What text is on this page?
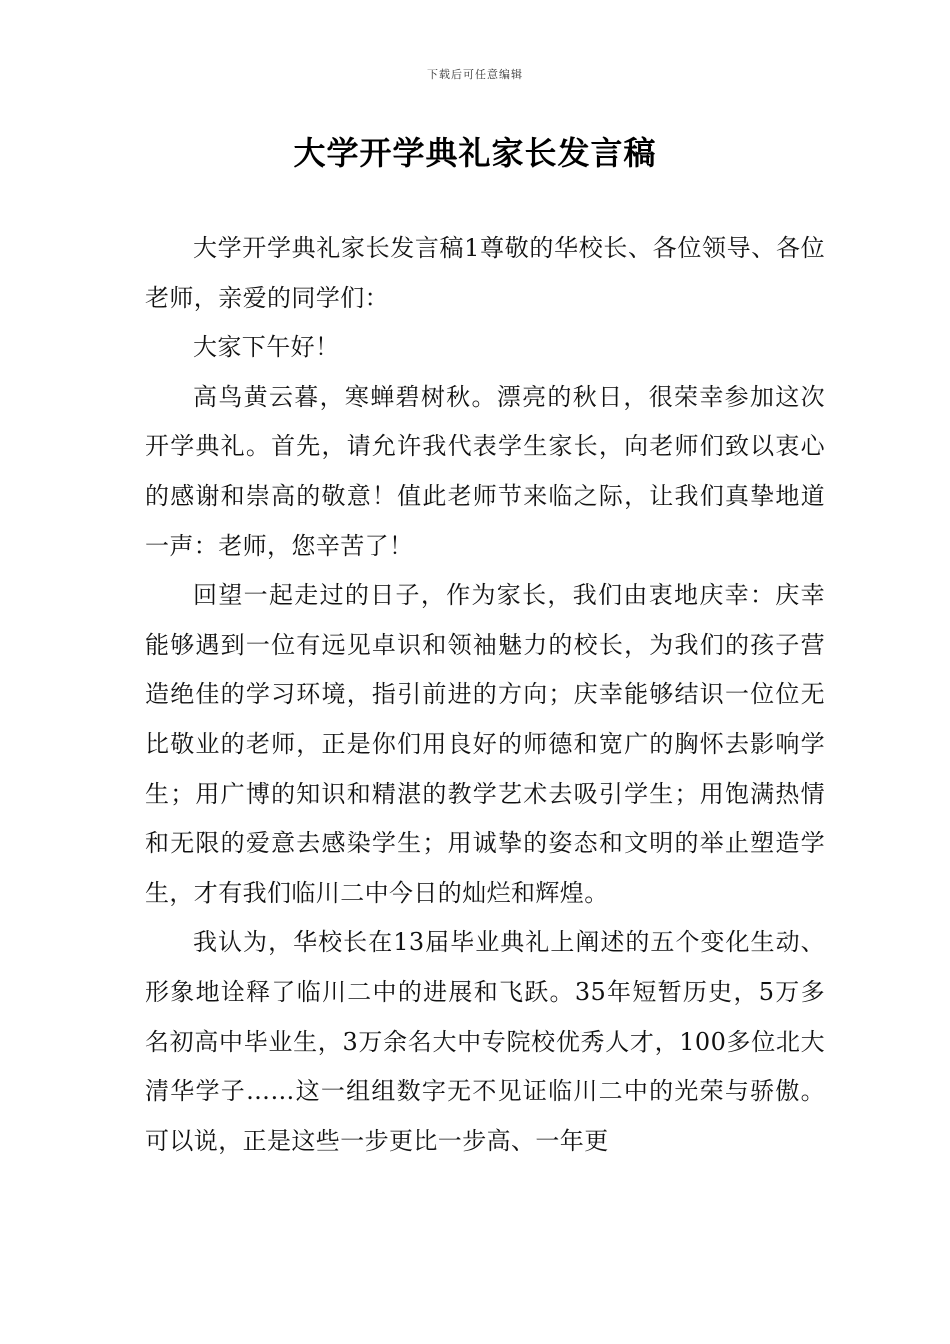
下载后可任意编辑
大学开学典礼家长发言稿

大学开学典礼家长发言稿1尊敬的华校长、各位领导、各位老师，亲爱的同学们：

大家下午好！

高鸟黄云暮，寒蝉碧树秋。漂亮的秋日，很荣幸参加这次开学典礼。首先，请允许我代表学生家长，向老师们致以衷心的感谢和崇高的敬意！值此老师节来临之际，让我们真挚地道一声：老师，您辛苦了！

回望一起走过的日子，作为家长，我们由衷地庆幸：庆幸能够遇到一位有远见卓识和领袖魅力的校长，为我们的孩子营造绝佳的学习环境，指引前进的方向；庆幸能够结识一位位无比敬业的老师，正是你们用良好的师德和宽广的胸怀去影响学生；用广博的知识和精湛的教学艺术去吸引学生；用饱满热情和无限的爱意去感染学生；用诚挚的姿态和文明的举止塑造学生，才有我们临川二中今日的灿烂和辉煌。

我认为，华校长在13届毕业典礼上阐述的五个变化生动、形象地诠释了临川二中的进展和飞跃。35年短暂历史，5万多名初高中毕业生，3万余名大中专院校优秀人才，100多位北大清华学子……这一组组数字无不见证临川二中的光荣与骄傲。可以说，正是这些一步更比一步高、一年更
